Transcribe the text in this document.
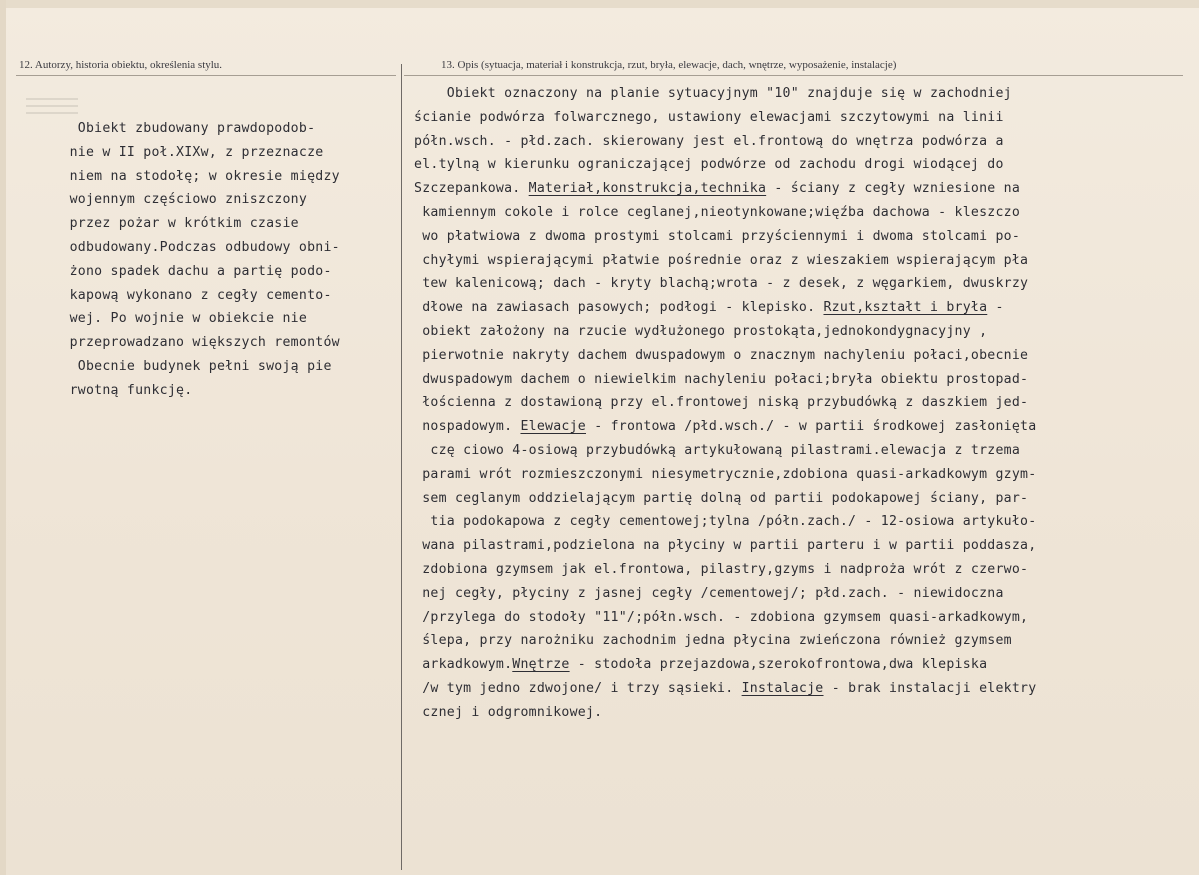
12. Autorzy, historia obiektu, określenia stylu.	13. Opis (sytuacja, materiał i konstrukcja, rzut, bryła, elewacje, dach, wnętrze, wyposażenie, instalacje)
Obiekt zbudowany prawdopodob-
nie w II poł.XIXw, z przeznacze
niem na stodołę; w okresie między
wojennym częściowo zniszczony
przez pożar w krótkim czasie
odbudowany.Podczas odbudowy obni-
żono spadek dachu a partię podo-
kapową wykonano z cegły cemento-
wej. Po wojnie w obiekcie nie
przeprowadzano większych remontów
Obecnie budynek pełni swoją pie
rwotną funkcję.
Obiekt oznaczony na planie sytuacyjnym "10" znajduje się w zachodniej
ścianie podwórza folwarcznego, ustawiony elewacjami szczytowymi na linii
półn.wsch. - płd.zach. skierowany jest el.frontową do wnętrza podwórza a
el.tylną w kierunku ograniczającej podwórze od zachodu drogi wiodącej do
Szczepankowa. Materiał,konstrukcja,technika - ściany z cegły wzniesione na
kamiennym cokole i rolce ceglanej,nieotynkowane;więźba dachowa - kleszczo
wo płatwiowa z dwoma prostymi stolcami przyściennymi i dwoma stolcami po-
chyłymi wspierającymi płatwie pośrednie oraz z wieszakiem wspierającym pła
tew kalenicową; dach - kryty blachą;wrota - z desek, z węgarkiem, dwuskrzy
dłowe na zawiasach pasowych; podłogi - klepisko. Rzut,kształt i bryła -
obiekt założony na rzucie wydłużonego prostokąta,jednokondygnacyjny ,
pierwotnie nakryty dachem dwuspadowym o znacznym nachyleniu połaci,obecnie
dwuspadowym dachem o niewielkim nachyleniu połaci;bryła obiektu prostopad-
łościenna z dostawioną przy el.frontowej niską przybudówką z daszkiem jed-
nospadowym. Elewacje - frontowa /płd.wsch./ - w partii środkowej zasłonięta
czę ciowo 4-osiową przybudówką artykułowaną pilastrami.elewacja z trzema
parami wrót rozmieszczonymi niesymetrycznie,zdobiona quasi-arkadkowym gzym-
sem ceglanym oddzielającym partię dolną od partii podokapowej ściany, par-
tia podokapowa z cegły cementowej;tylna /półn.zach./ - 12-osiowa artykuło-
wana pilastrami,podzielona na płyciny w partii parteru i w partii poddasza,
zdobiona gzymsem jak el.frontowa, pilastry,gzyms i nadproża wrót z czerwo-
nej cegły, płyciny z jasnej cegły /cementowej/; płd.zach. - niewidoczna
/przylega do stodoły "11"/;półn.wsch. - zdobiona gzymsem quasi-arkadkowym,
ślepa, przy narożniku zachodnim jedna płycina zwieńczona również gzymsem
arkadkowym.Wnętrze - stodoła przejazdowa,szerokofrontowa,dwa klepiska
/w tym jedno zdwojone/ i trzy sąsieki. Instalacje - brak instalacji elektry
cznej i odgromnikowej.
